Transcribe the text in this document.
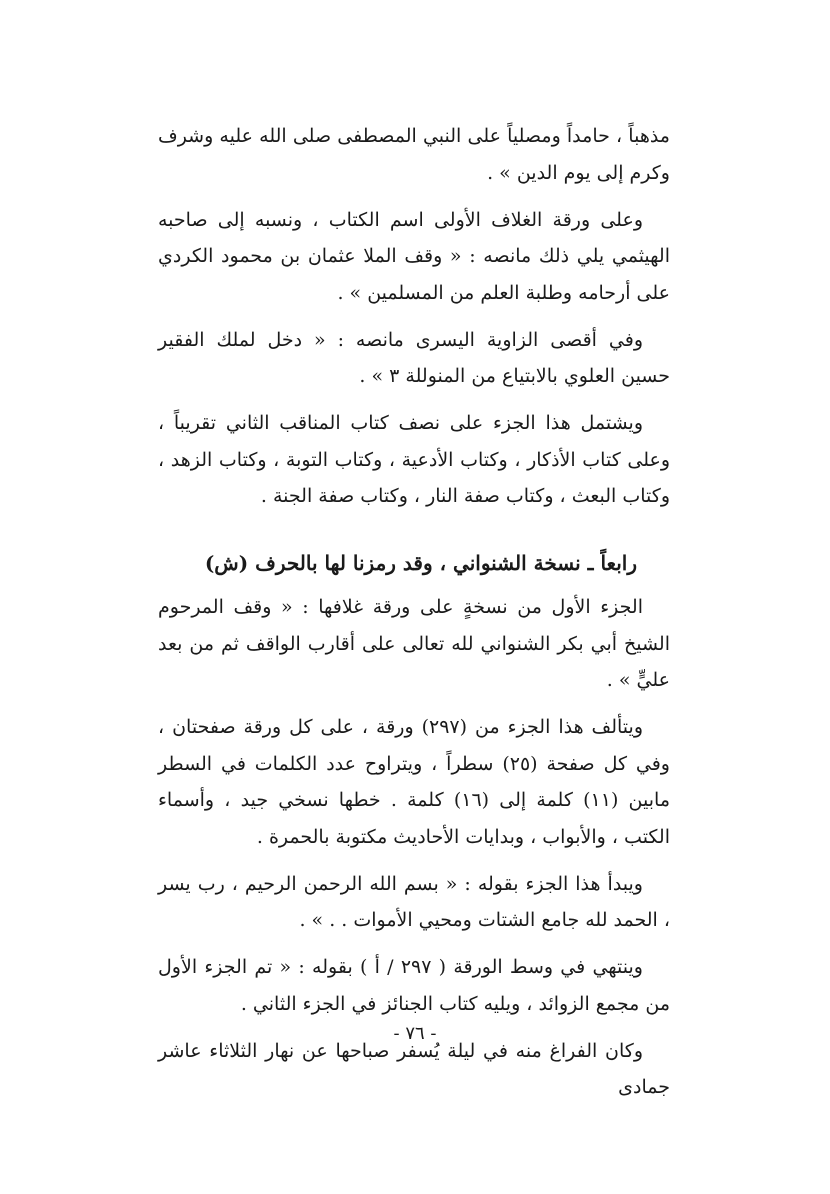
مذهباً ، حامداً ومصلياً على النبي المصطفى صلى الله عليه وشرف وكرم إلى يوم الدين » .

وعلى ورقة الغلاف الأولى اسم الكتاب ، ونسبه إلى صاحبه الهيثمي يلي ذلك مانصه : « وقف الملا عثمان بن محمود الكردي على أرحامه وطلبة العلم من المسلمين » .

وفي أقصى الزاوية اليسرى مانصه : « دخل لملك الفقير حسين العلوي بالابتياع من المنوللة ٣ » .

ويشتمل هذا الجزء على نصف كتاب المناقب الثاني تقريباً ، وعلى كتاب الأذكار ، وكتاب الأدعية ، وكتاب التوبة ، وكتاب الزهد ، وكتاب البعث ، وكتاب صفة النار ، وكتاب صفة الجنة .

رابعاً ـ نسخة الشنواني ، وقد رمزنا لها بالحرف (ش)

الجزء الأول من نسخةٍ على ورقة غلافها : « وقف المرحوم الشيخ أبي بكر الشنواني لله تعالى على أقارب الواقف ثم من بعد عليٍّ » .

ويتألف هذا الجزء من (٢٩٧) ورقة ، على كل ورقة صفحتان ، وفي كل صفحة (٢٥) سطراً ، ويتراوح عدد الكلمات في السطر مابين (١١) كلمة إلى (١٦) كلمة . خطها نسخي جيد ، وأسماء الكتب ، والأبواب ، وبدايات الأحاديث مكتوبة بالحمرة .

ويبدأ هذا الجزء بقوله : « بسم الله الرحمن الرحيم ، رب يسر ، الحمد لله جامع الشتات ومحيي الأموات . . » .

وينتهي في وسط الورقة ( ٢٩٧ / أ ) بقوله : « تم الجزء الأول من مجمع الزوائد ، ويليه كتاب الجنائز في الجزء الثاني .

وكان الفراغ منه في ليلة يُسفر صباحها عن نهار الثلاثاء عاشر جمادى

- ٧٦ -
